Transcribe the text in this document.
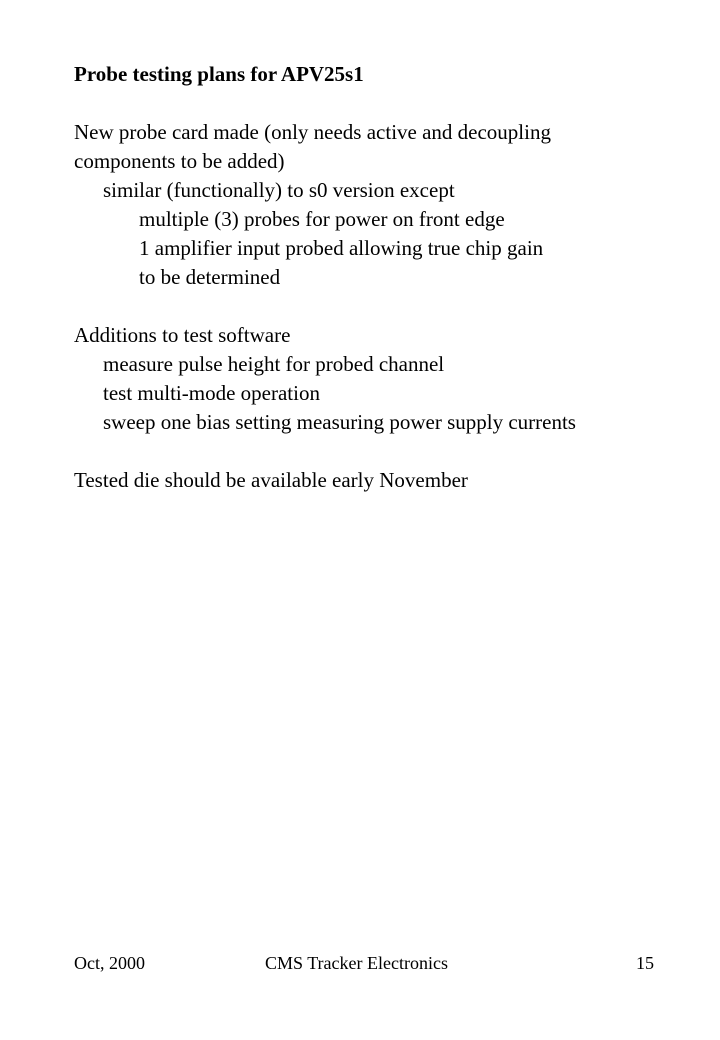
Probe testing plans for APV25s1
New probe card made (only needs active and decoupling
components to be added)
similar (functionally) to s0 version except
multiple (3) probes for power on front edge
1 amplifier input probed allowing true chip gain
to be determined
Additions to test software
measure pulse height for probed channel
test multi-mode operation
sweep one bias setting measuring power supply currents
Tested die should be available early November
Oct, 2000	CMS Tracker Electronics	15
